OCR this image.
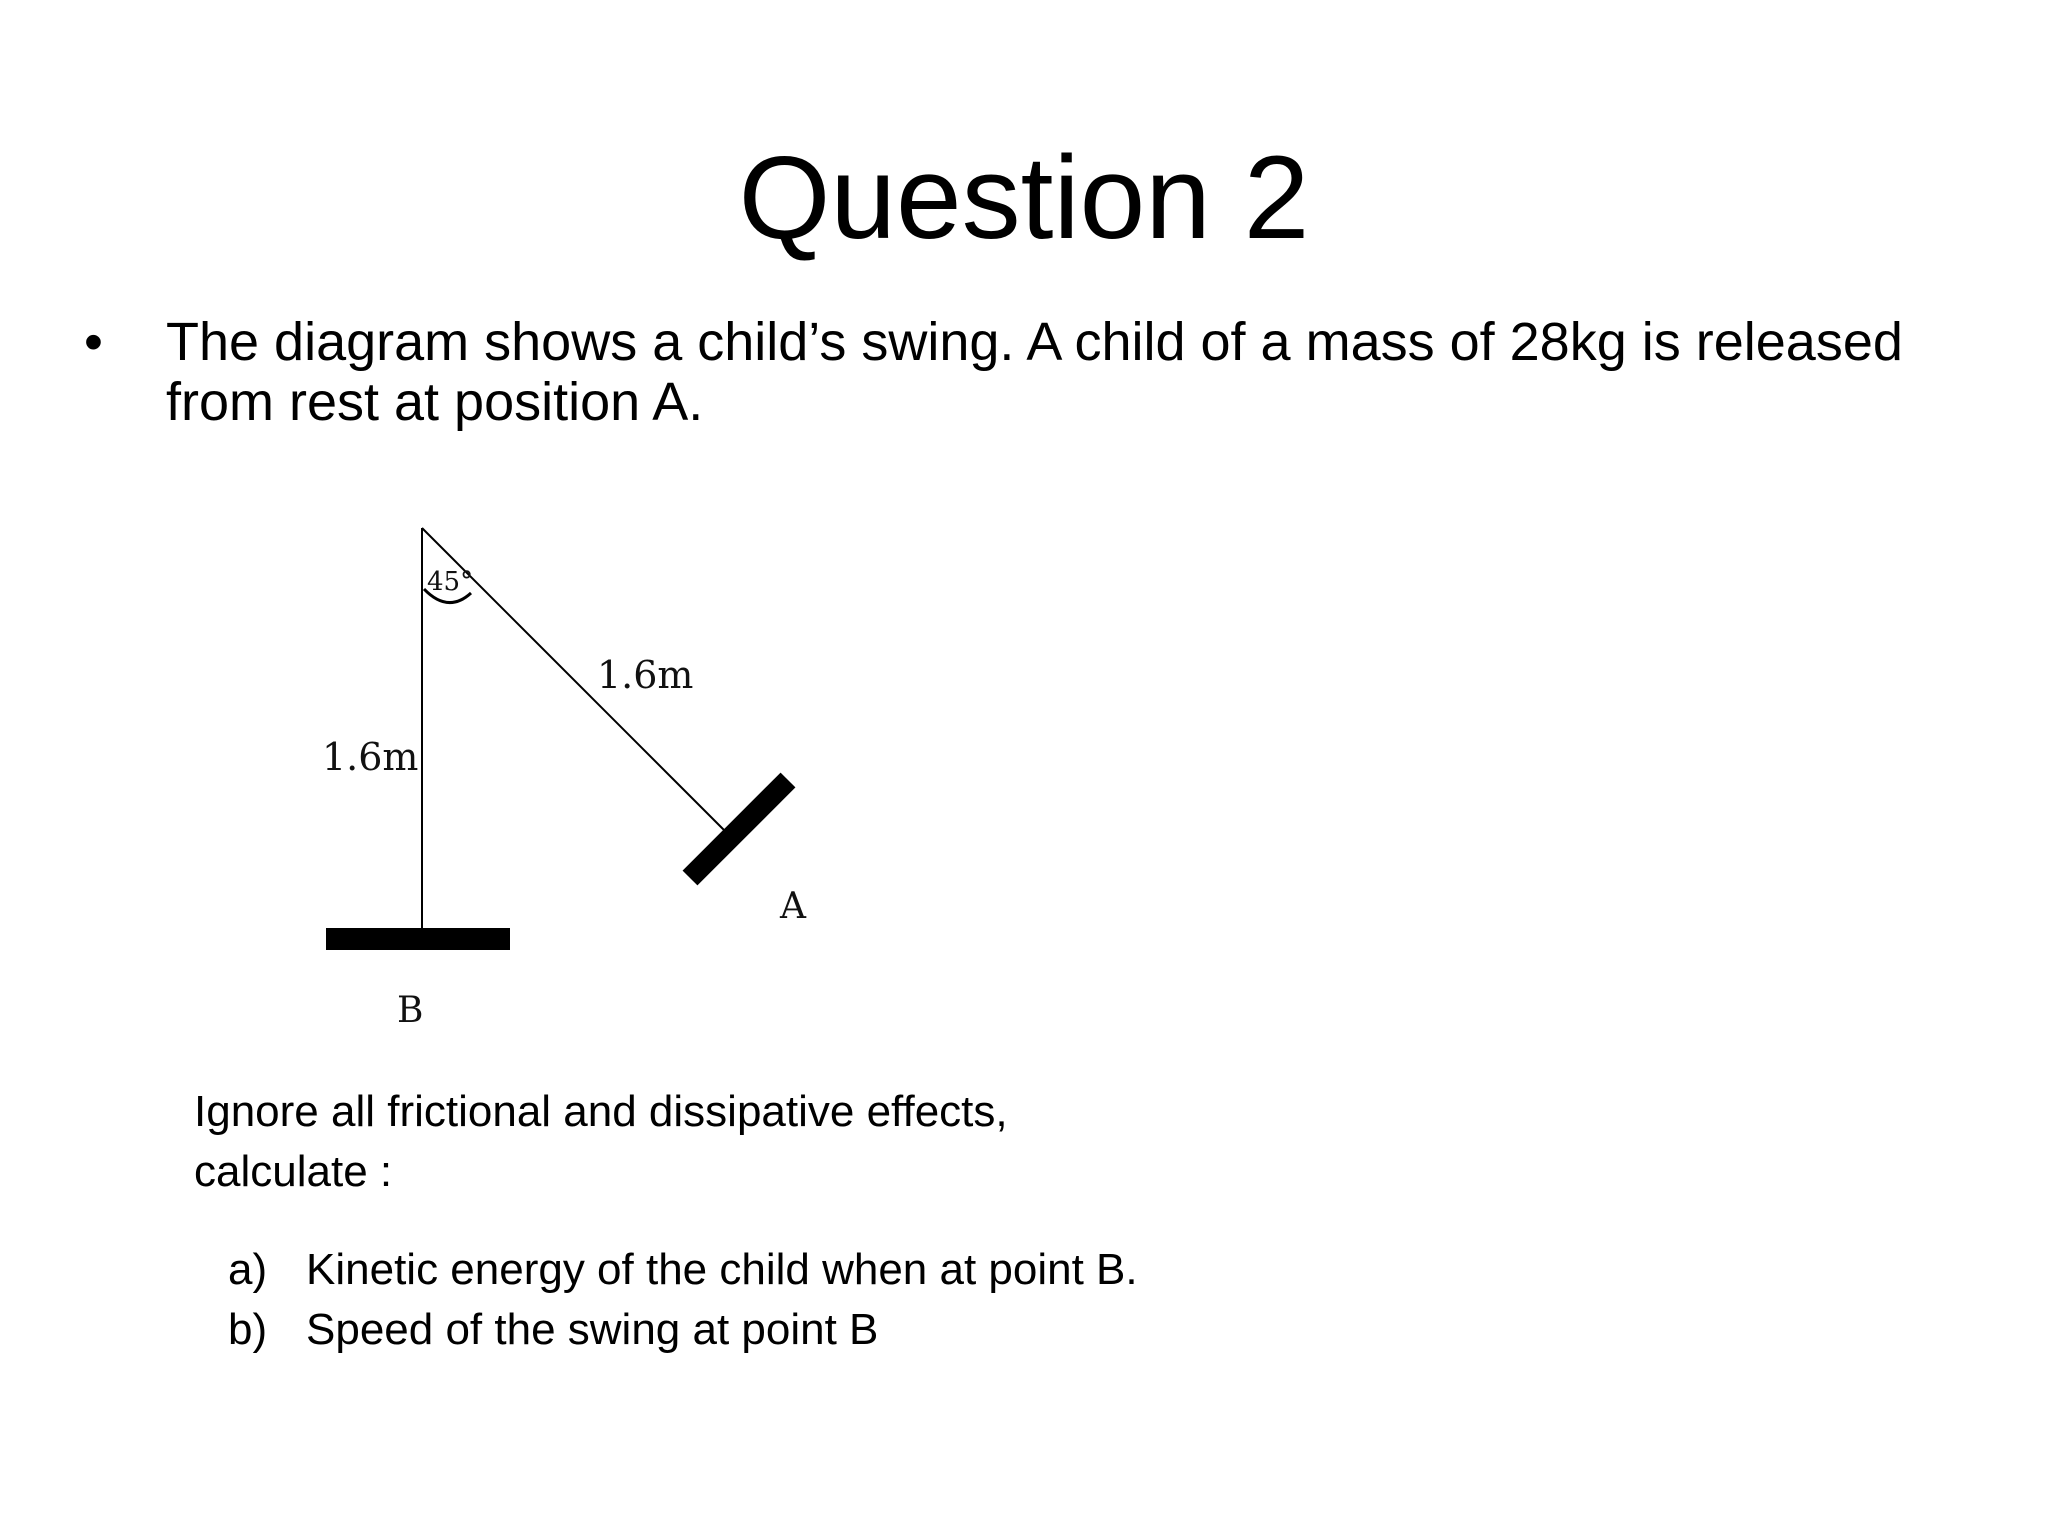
Question 2
•	The diagram shows a child’s swing. A child of a mass of 28kg is released from rest at position A.
45°
1.6m
1.6m
A
B
Ignore all frictional and dissipative effects,
calculate :
a) Kinetic energy of the child when at point B.
b) Speed of the swing at point B
